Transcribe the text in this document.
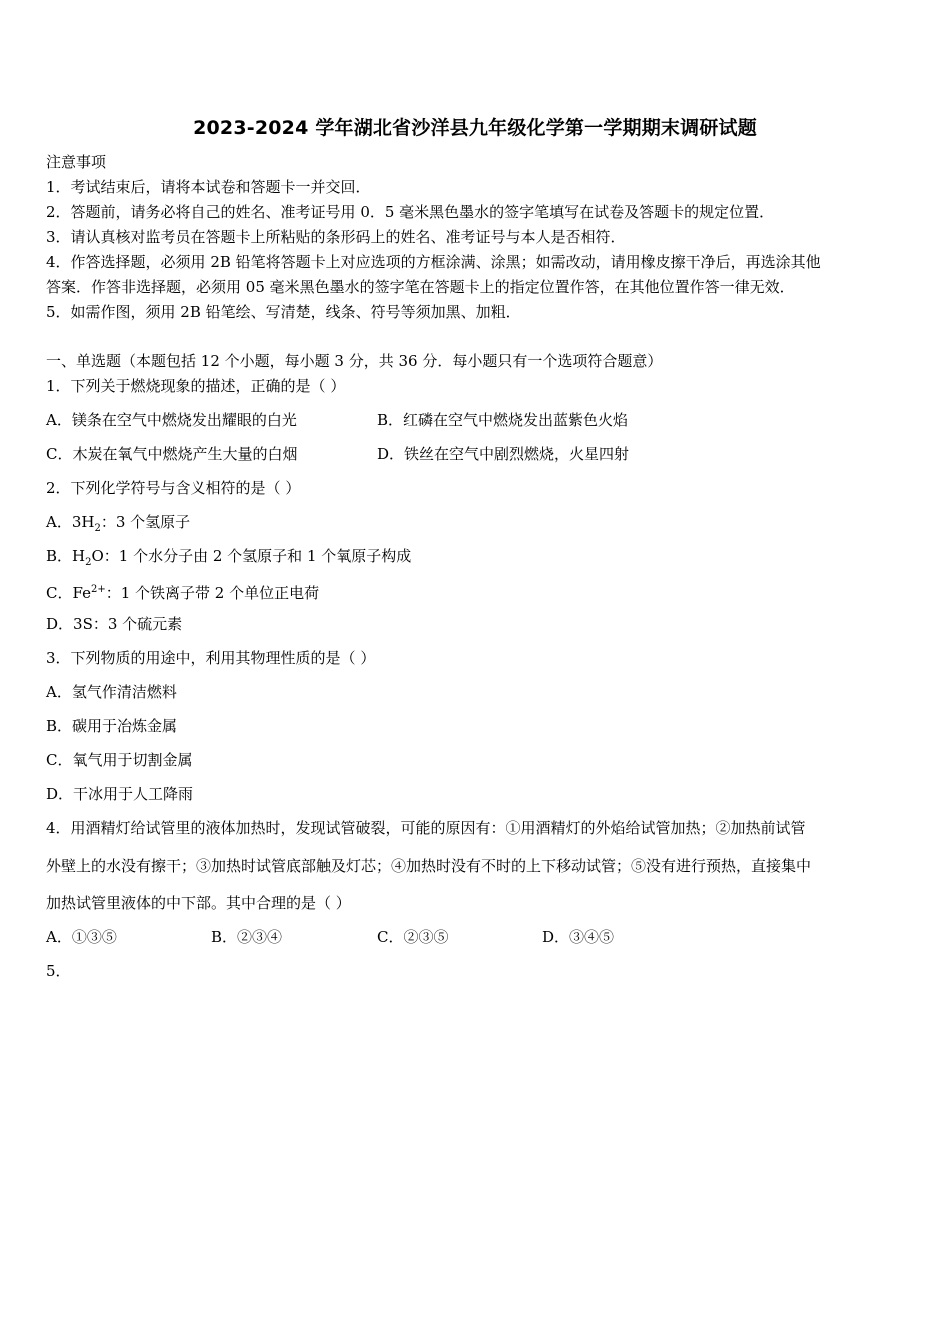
2023-2024 学年湖北省沙洋县九年级化学第一学期期末调研试题
注意事项
1．考试结束后，请将本试卷和答题卡一并交回．
2．答题前，请务必将自己的姓名、准考证号用 0．5 毫米黑色墨水的签字笔填写在试卷及答题卡的规定位置．
3．请认真核对监考员在答题卡上所粘贴的条形码上的姓名、准考证号与本人是否相符．
4．作答选择题，必须用 2B 铅笔将答题卡上对应选项的方框涂满、涂黑；如需改动，请用橡皮擦干净后，再选涂其他
答案．作答非选择题，必须用 05 毫米黑色墨水的签字笔在答题卡上的指定位置作答，在其他位置作答一律无效．
5．如需作图，须用 2B 铅笔绘、写清楚，线条、符号等须加黑、加粗．
一、单选题（本题包括 12 个小题，每小题 3 分，共 36 分．每小题只有一个选项符合题意）
1．下列关于燃烧现象的描述，正确的是（ ）
A．镁条在空气中燃烧发出耀眼的白光	B．红磷在空气中燃烧发出蓝紫色火焰
C．木炭在氧气中燃烧产生大量的白烟	D．铁丝在空气中剧烈燃烧，火星四射
2．下列化学符号与含义相符的是（ ）
A．$3H_2$：3 个氢原子
B．$H_2O$：1 个水分子由 2 个氢原子和 1 个氧原子构成
C．$Fe^{2+}$：1 个铁离子带 2 个单位正电荷
D．3S：3 个硫元素
3．下列物质的用途中，利用其物理性质的是（ ）
A．氢气作清洁燃料
B．碳用于冶炼金属
C．氧气用于切割金属
D．干冰用于人工降雨
4．用酒精灯给试管里的液体加热时，发现试管破裂，可能的原因有：①用酒精灯的外焰给试管加热；②加热前试管
外壁上的水没有擦干；③加热时试管底部触及灯芯；④加热时没有不时的上下移动试管；⑤没有进行预热，直接集中
加热试管里液体的中下部。其中合理的是（ ）
A．①③⑤	B．②③④	C．②③⑤	D．③④⑤
5．
